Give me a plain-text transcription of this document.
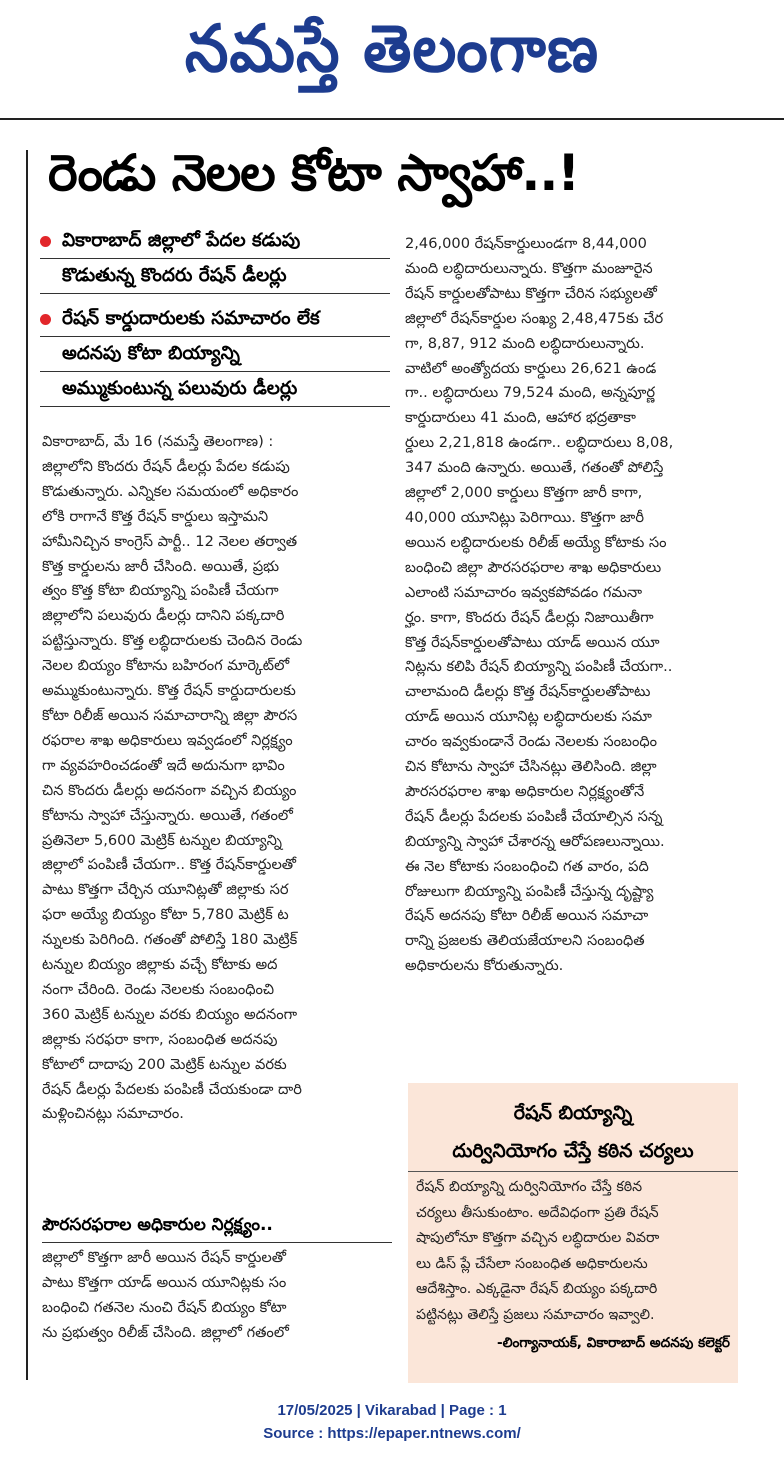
నమస్తే తెలంగాణ
రెండు నెలల కోటా స్వాహా..!
వికారాబాద్ జిల్లాలో పేదల కడుపు
కొడుతున్న కొందరు రేషన్ డీలర్లు
రేషన్ కార్డుదారులకు సమాచారం లేక
అదనపు కోటా బియ్యాన్ని
అమ్ముకుంటున్న పలువురు డీలర్లు
వికారాబాద్, మే 16 (నమస్తే తెలంగాణ) :
జిల్లాలోని కొందరు రేషన్ డీలర్లు పేదల కడుపు
కొడుతున్నారు. ఎన్నికల సమయంలో అధికారం
లోకి రాగానే కొత్త రేషన్ కార్డులు ఇస్తామని
హామీనిచ్చిన కాంగ్రెస్ పార్టీ.. 12 నెలల తర్వాత
కొత్త కార్డులను జారీ చేసింది. అయితే, ప్రభు
త్వం కొత్త కోటా బియ్యాన్ని పంపిణీ చేయగా
జిల్లాలోని పలువురు డీలర్లు దానిని పక్కదారి
పట్టిస్తున్నారు. కొత్త లబ్ధిదారులకు చెందిన రెండు
నెలల బియ్యం కోటాను బహిరంగ మార్కెట్‌లో
అమ్ముకుంటున్నారు. కొత్త రేషన్ కార్డుదారులకు
కోటా రిలీజ్ అయిన సమాచారాన్ని జిల్లా పౌరస
రఫరాల శాఖ అధికారులు ఇవ్వడంలో నిర్లక్ష్యం
గా వ్యవహరించడంతో ఇదే అదునుగా భావిం
చిన కొందరు డీలర్లు అదనంగా వచ్చిన బియ్యం
కోటాను స్వాహా చేస్తున్నారు. అయితే, గతంలో
ప్రతినెలా 5,600 మెట్రిక్ టన్నుల బియ్యాన్ని
జిల్లాలో పంపిణీ చేయగా.. కొత్త రేషన్‌కార్డులతో
పాటు కొత్తగా చేర్చిన యూనిట్లతో జిల్లాకు సర
ఫరా అయ్యే బియ్యం కోటా 5,780 మెట్రిక్ ట
న్నులకు పెరిగింది. గతంతో పోలిస్తే 180 మెట్రిక్
టన్నుల బియ్యం జిల్లాకు వచ్చే కోటాకు అద
నంగా చేరింది. రెండు నెలలకు సంబంధించి
360 మెట్రిక్ టన్నుల వరకు బియ్యం అదనంగా
జిల్లాకు సరఫరా కాగా, సంబంధిత అదనపు
కోటాలో దాదాపు 200 మెట్రిక్ టన్నుల వరకు
రేషన్ డీలర్లు పేదలకు పంపిణీ చేయకుండా దారి
మళ్లించినట్లు సమాచారం.
పౌరసరఫరాల అధికారుల నిర్లక్ష్యం..
జిల్లాలో కొత్తగా జారీ అయిన రేషన్ కార్డులతో
పాటు కొత్తగా యాడ్ అయిన యూనిట్లకు సం
బంధించి గతనెల నుంచి రేషన్ బియ్యం కోటా
ను ప్రభుత్వం రిలీజ్ చేసింది. జిల్లాలో గతంలో
2,46,000 రేషన్‌కార్డులుండగా 8,44,000
మంది లబ్ధిదారులున్నారు. కొత్తగా మంజూరైన
రేషన్ కార్డులతోపాటు కొత్తగా చేరిన సభ్యులతో
జిల్లాలో రేషన్‌కార్డుల సంఖ్య 2,48,475కు చేర
గా, 8,87, 912 మంది లబ్ధిదారులున్నారు.
వాటిలో అంత్యోదయ కార్డులు 26,621 ఉండ
గా.. లబ్ధిదారులు 79,524 మంది, అన్నపూర్ణ
కార్డుదారులు 41 మంది, ఆహార భద్రతాకా
ర్డులు 2,21,818 ఉండగా.. లబ్ధిదారులు 8,08,
347 మంది ఉన్నారు. అయితే, గతంతో పోలిస్తే
జిల్లాలో 2,000 కార్డులు కొత్తగా జారీ కాగా,
40,000 యూనిట్లు పెరిగాయి. కొత్తగా జారీ
అయిన లబ్ధిదారులకు రిలీజ్ అయ్యే కోటాకు సం
బంధించి జిల్లా పౌరసరఫరాల శాఖ అధికారులు
ఎలాంటి సమాచారం ఇవ్వకపోవడం గమనా
ర్హం. కాగా, కొందరు రేషన్ డీలర్లు నిజాయితీగా
కొత్త రేషన్‌కార్డులతోపాటు యాడ్ అయిన యూ
నిట్లను కలిపి రేషన్ బియ్యాన్ని పంపిణీ చేయగా..
చాలామంది డీలర్లు కొత్త రేషన్‌కార్డులతోపాటు
యాడ్ అయిన యూనిట్ల లబ్ధిదారులకు సమా
చారం ఇవ్వకుండానే రెండు నెలలకు సంబంధిం
చిన కోటాను స్వాహా చేసినట్లు తెలిసింది. జిల్లా
పౌరసరఫరాల శాఖ అధికారుల నిర్లక్ష్యంతోనే
రేషన్ డీలర్లు పేదలకు పంపిణీ చేయాల్సిన సన్న
బియ్యాన్ని స్వాహా చేశారన్న ఆరోపణలున్నాయి.
ఈ నెల కోటాకు సంబంధించి గత వారం, పది
రోజులుగా బియ్యాన్ని పంపిణీ చేస్తున్న దృష్ట్యా
రేషన్ అదనపు కోటా రిలీజ్ అయిన సమాచా
రాన్ని ప్రజలకు తెలియజేయాలని సంబంధిత
అధికారులను కోరుతున్నారు.
రేషన్ బియ్యాన్ని
దుర్వినియోగం చేస్తే కఠిన చర్యలు
రేషన్ బియ్యాన్ని దుర్వినియోగం చేస్తే కఠిన
చర్యలు తీసుకుంటాం. అదేవిధంగా ప్రతి రేషన్
షాపులోనూ కొత్తగా వచ్చిన లబ్ధిదారుల వివరా
లు డిస్ ప్లే చేసేలా సంబంధిత అధికారులను
ఆదేశిస్తాం. ఎక్కడైనా రేషన్ బియ్యం పక్కదారి
పట్టినట్లు తెలిస్తే ప్రజలు సమాచారం ఇవ్వాలి.
-లింగ్యానాయక్, వికారాబాద్ అదనపు కలెక్టర్
17/05/2025 | Vikarabad | Page : 1
Source : https://epaper.ntnews.com/
